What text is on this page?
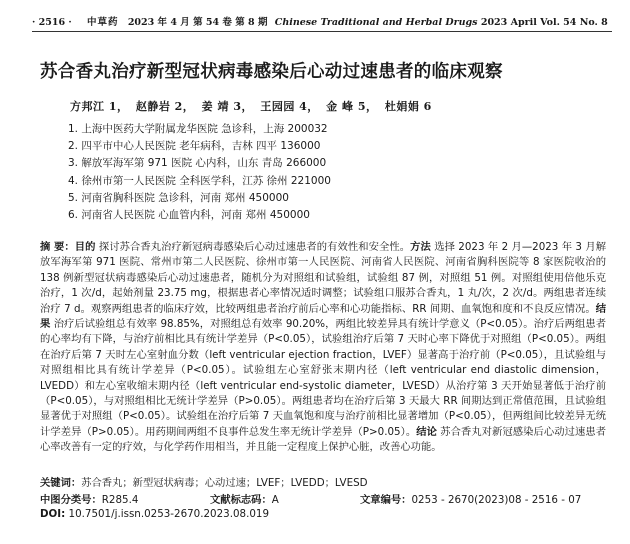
· 2516 · 中草药 2023 年 4 月 第 54 卷 第 8 期 Chinese Traditional and Herbal Drugs 2023 April Vol. 54 No. 8
苏合香丸治疗新型冠状病毒感染后心动过速患者的临床观察
方邦江 1， 赵静岩 2， 姜 靖 3， 王园园 4， 金 峰 5， 杜娟娟 6
1. 上海中医药大学附属龙华医院 急诊科，上海 200032
2. 四平市中心人民医院 老年病科，吉林 四平 136000
3. 解放军海军第 971 医院 心内科，山东 青岛 266000
4. 徐州市第一人民医院 全科医学科，江苏 徐州 221000
5. 河南省胸科医院 急诊科，河南 郑州 450000
6. 河南省人民医院 心血管内科，河南 郑州 450000
摘 要：目的 探讨苏合香丸治疗新冠病毒感染后心动过速患者的有效性和安全性。方法 选择 2023 年 2 月—2023 年 3 月解放军海军第 971 医院、常州市第二人民医院、徐州市第一人民医院、河南省人民医院、河南省胸科医院等 8 家医院收治的 138 例新型冠状病毒感染后心动过速患者，随机分为对照组和试验组，试验组 87 例，对照组 51 例。对照组使用倍他乐克治疗，1 次/d，起始剂量 23.75 mg，根据患者心率情况适时调整；试验组口服苏合香丸，1 丸/次，2 次/d。两组患者连续治疗 7 d。观察两组患者的临床疗效，比较两组患者治疗前后心率和心功能指标、RR 间期、血氧饱和度和不良反应情况。结果 治疗后试验组总有效率 98.85%，对照组总有效率 90.20%，两组比较差异具有统计学意义（P<0.05）。治疗后两组患者的心率均有下降，与治疗前相比具有统计学差异（P<0.05），试验组治疗后第 7 天时心率下降优于对照组（P<0.05）。两组在治疗后第 7 天时左心室射血分数（left ventricular ejection fraction，LVEF）显著高于治疗前（P<0.05），且试验组与对照组相比具有统计学差异（P<0.05）。试验组左心室舒张末期内径（left ventricular end diastolic dimension，LVEDD）和左心室收缩末期内径（left ventricular end-systolic diameter，LVESD）从治疗第 3 天开始显著低于治疗前（P<0.05），与对照组相比无统计学差异（P>0.05）。两组患者均在治疗后第 3 天最大 RR 间期达到正常值范围，且试验组显著优于对照组（P<0.05）。试验组在治疗后第 7 天血氧饱和度与治疗前相比显著增加（P<0.05），但两组间比较差异无统计学差异（P>0.05）。用药期间两组不良事件总发生率无统计学差异（P>0.05）。结论 苏合香丸对新冠感染后心动过速患者心率改善有一定的疗效，与化学药作用相当，并且能一定程度上保护心脏，改善心功能。
关键词：苏合香丸；新型冠状病毒；心动过速；LVEF；LVEDD；LVESD
中图分类号：R285.4	文献标志码：A	文章编号：0253 - 2670(2023)08 - 2516 - 07
DOI: 10.7501/j.issn.0253-2670.2023.08.019
